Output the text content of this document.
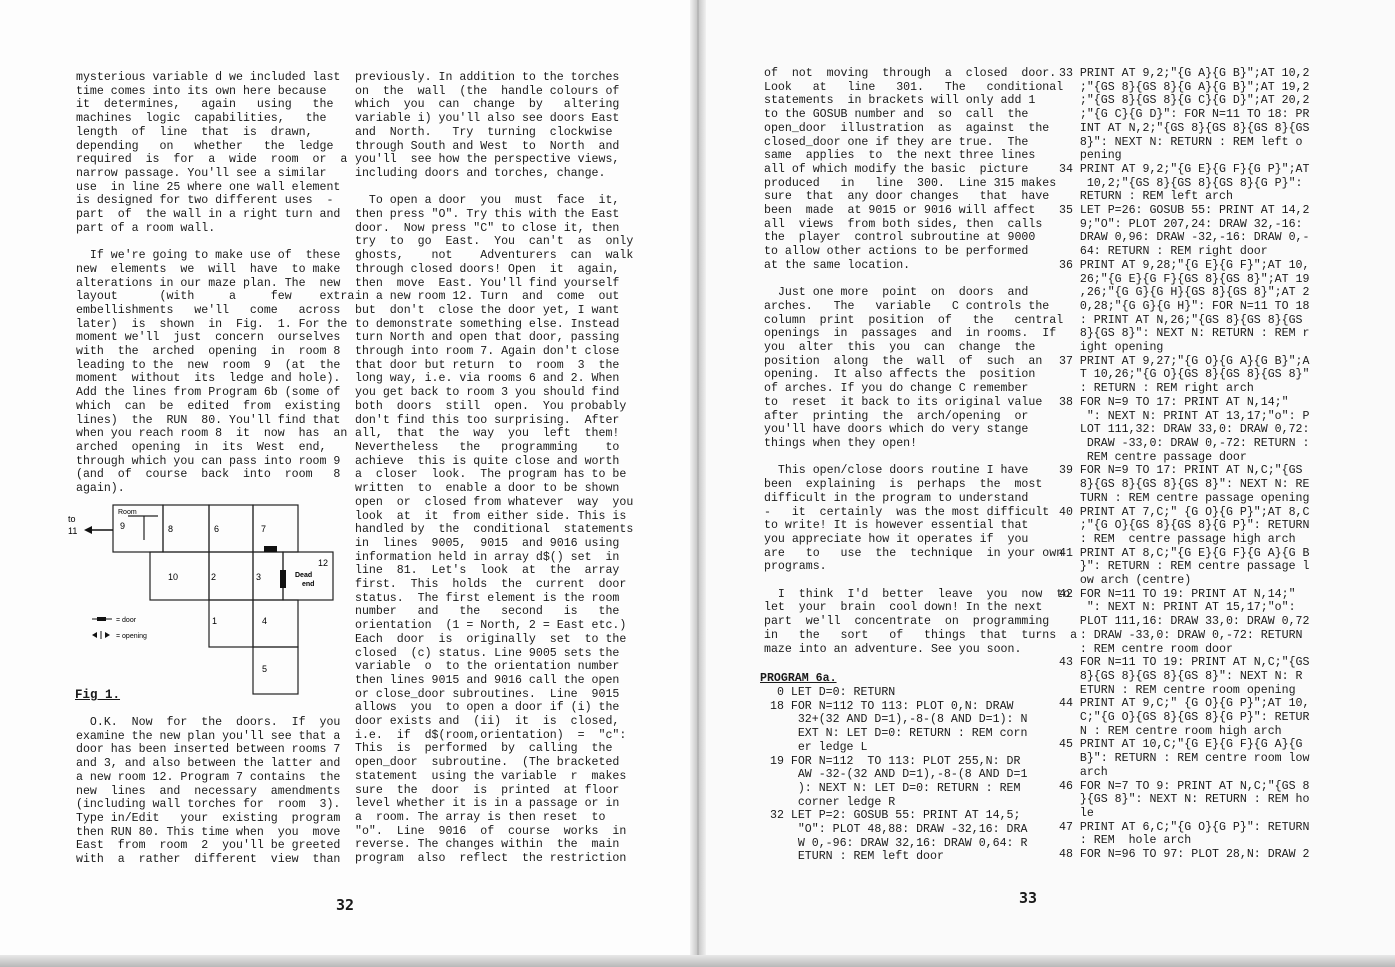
mysterious variable d we included last
time comes into its own here because
it  determines,   again   using   the
machines  logic  capabilities,   the
length  of  line  that  is  drawn,
depending   on   whether   the  ledge
required  is  for  a  wide  room  or  a
narrow passage. You'll see a similar
use  in line 25 where one wall element
is designed for two different uses  -
part  of  the wall in a right turn and
part of a room wall.

If we're going to make use of  these
new  elements  we  will  have  to make
alterations in our maze plan. The  new
layout      (with     a     few    extra
embellishments   we'll   come   across
later)  is  shown  in  Fig.  1. For the
moment we'll  just  concern  ourselves
with  the  arched  opening  in  room 8
leading to the  new  room  9  (at  the
moment  without  its  ledge and hole).
Add the lines from Program 6b (some of
which  can  be  edited  from  existing
lines)  the  RUN  80. You'll find that
when you reach room 8  it  now  has  an
arched  opening  in  its  West  end,
through which you can pass into room 9
(and  of  course  back  into  room   8
again).
to
11
Room
9	8	6	7
10	2	3
12
Dead
end
1	4
5
= door
= opening
Fig 1.
O.K.  Now  for  the  doors.  If  you
examine the new plan you'll see that a
door has been inserted between rooms 7
and 3, and also between the latter and
a new room 12. Program 7 contains  the
new  lines  and  necessary  amendments
(including wall torches for  room  3).
Type in/Edit   your  existing  program
then RUN 80. This time when  you  move
East  from  room  2  you'll be greeted
with  a  rather  different  view  than
previously. In addition to the torches
on  the  wall  (the  handle colours of
which  you  can  change  by   altering
variable i) you'll also see doors East
and  North.   Try  turning  clockwise
through South and West  to  North  and
you'll  see how the perspective views,
including doors and torches, change.

To open a door  you  must  face  it,
then press "O". Try this with the East
door.  Now press "C" to close it, then
try  to  go  East.  You  can't  as  only
ghosts,    not    Adventurers  can  walk
through closed doors! Open  it  again,
then  move  East. You'll find yourself
in a new room 12. Turn  and  come  out
but  don't  close the door yet, I want
to demonstrate something else. Instead
turn North and open that door, passing
through into room 7. Again don't close
that door but return  to  room  3  the
long way, i.e. via rooms 6 and 2. When
you get back to room 3 you should find
both  doors  still  open.  You probably
don't find this too surprising.  After
all,  that  the  way  you  left  them!
Nevertheless   the   programming    to
achieve  this is quite close and worth
a  closer  look.  The program has to be
written  to  enable a door to be shown
open  or  closed from whatever  way  you
look  at  it  from either side. This is
handled by  the  conditional  statements
in  lines  9005,  9015  and 9016 using
information held in array d$() set  in
line  81.  Let's  look  at  the  array
first.  This  holds  the  current  door
status.  The first element is the room
number   and   the   second   is   the
orientation  (1 = North, 2 = East etc.)
Each  door  is  originally  set  to the
closed  (c) status. Line 9005 sets the
variable  o  to the orientation number
then lines 9015 and 9016 call the open
or close_door subroutines.  Line  9015
allows  you  to open a door if (i) the
door exists and  (ii)  it  is  closed,
i.e.  if  d$(room,orientation)  =  "c":
This  is  performed  by  calling  the
open_door  subroutine.  (The bracketed
statement  using the variable  r  makes
sure  the  door  is  printed  at floor
level whether it is in a passage or in
a  room. The array is then reset  to
"o".  Line  9016  of  course  works  in
reverse. The changes within  the  main
program  also  reflect  the restriction
32
of  not  moving  through  a  closed  door.
Look   at   line   301.   The   conditional
statements  in brackets will only add 1
to the GOSUB number and  so  call  the
open_door  illustration  as  against  the
closed_door one if they are true.  The
same  applies  to  the next three lines
all of which modify the basic  picture
produced   in   line  300.  Line 315 makes
sure  that  any door changes   that  have
been  made  at 9015 or 9016 will affect
all  views  from both sides, then  calls
the  player  control subroutine at 9000
to allow other actions to be performed
at the same location.

Just one more  point  on  doors  and
arches.   The   variable   C controls the
column  print  position  of   the   central
openings  in  passages  and  in rooms.  If
you  alter  this  you  can  change  the
position  along  the  wall  of  such  an
opening.  It also affects the  position
of arches. If you do change C remember
to  reset  it back to its original value
after  printing  the  arch/opening  or
you'll have doors which do very stange
things when they open!

This open/close doors routine I have
been  explaining  is  perhaps  the  most
difficult in the program to understand
-   it  certainly  was the most difficult
to write! It is however essential that
you appreciate how it operates if  you
are   to   use  the  technique  in your own
programs.

I  think  I'd  better  leave  you  now  to
let  your  brain  cool down! In the next
part  we'll  concentrate  on  programming
in   the   sort   of   things  that  turns  a
maze into an adventure. See you soon.
PROGRAM 6a.
0 LET D=0: RETURN
18 FOR N=112 TO 113: PLOT 0,N: DRAW
32+(32 AND D=1),-8-(8 AND D=1): N
EXT N: LET D=0: RETURN : REM corn
er ledge L
19 FOR N=112  TO 113: PLOT 255,N: DR
AW -32-(32 AND D=1),-8-(8 AND D=1
): NEXT N: LET D=0: RETURN : REM
corner ledge R
32 LET P=2: GOSUB 55: PRINT AT 14,5;
"O": PLOT 48,88: DRAW -32,16: DRA
W 0,-96: DRAW 32,16: DRAW 0,64: R
ETURN : REM left door
33 PRINT AT 9,2;"{G A}{G B}";AT 10,2
;"{GS 8}{GS 8}{G A}{G B}";AT 19,2
;"{GS 8}{GS 8}{G C}{G D}";AT 20,2
;"{G C}{G D}": FOR N=11 TO 18: PR
INT AT N,2;"{GS 8}{GS 8}{GS 8}{GS
8}": NEXT N: RETURN : REM left o
pening
34 PRINT AT 9,2;"{G E}{G F}{G P}";AT
10,2;"{GS 8}{GS 8}{GS 8}{G P}":
RETURN : REM left arch
35 LET P=26: GOSUB 55: PRINT AT 14,2
9;"O": PLOT 207,24: DRAW 32,-16:
DRAW 0,96: DRAW -32,-16: DRAW 0,-
64: RETURN : REM right door
36 PRINT AT 9,28;"{G E}{G F}";AT 10,
26;"{G E}{G F}{GS 8}{GS 8}";AT 19
,26;"{G G}{G H}{GS 8}{GS 8}";AT 2
0,28;"{G G}{G H}": FOR N=11 TO 18
: PRINT AT N,26;"{GS 8}{GS 8}{GS
8}{GS 8}": NEXT N: RETURN : REM r
ight opening
37 PRINT AT 9,27;"{G O}{G A}{G B}";A
T 10,26;"{G O}{GS 8}{GS 8}{GS 8}"
: RETURN : REM right arch
38 FOR N=9 TO 17: PRINT AT N,14;"
": NEXT N: PRINT AT 13,17;"o": P
LOT 111,32: DRAW 33,0: DRAW 0,72:
DRAW -33,0: DRAW 0,-72: RETURN :
REM centre passage door
39 FOR N=9 TO 17: PRINT AT N,C;"{GS
8}{GS 8}{GS 8}{GS 8}": NEXT N: RE
TURN : REM centre passage opening
40 PRINT AT 7,C;" {G O}{G P}";AT 8,C
;"{G O}{GS 8}{GS 8}{G P}": RETURN
: REM  centre passage high arch
41 PRINT AT 8,C;"{G E}{G F}{G A}{G B
}": RETURN : REM centre passage l
ow arch (centre)
42 FOR N=11 TO 19: PRINT AT N,14;"
": NEXT N: PRINT AT 15,17;"o":
PLOT 111,16: DRAW 33,0: DRAW 0,72
: DRAW -33,0: DRAW 0,-72: RETURN
: REM centre room door
43 FOR N=11 TO 19: PRINT AT N,C;"{GS
8}{GS 8}{GS 8}{GS 8}": NEXT N: R
ETURN : REM centre room opening
44 PRINT AT 9,C;" {G O}{G P}";AT 10,
C;"{G O}{GS 8}{GS 8}{G P}": RETUR
N : REM centre room high arch
45 PRINT AT 10,C;"{G E}{G F}{G A}{G
B}": RETURN : REM centre room low
arch
46 FOR N=7 TO 9: PRINT AT N,C;"{GS 8
}{GS 8}": NEXT N: RETURN : REM ho
le
47 PRINT AT 6,C;"{G O}{G P}": RETURN
: REM  hole arch
48 FOR N=96 TO 97: PLOT 28,N: DRAW 2
33
